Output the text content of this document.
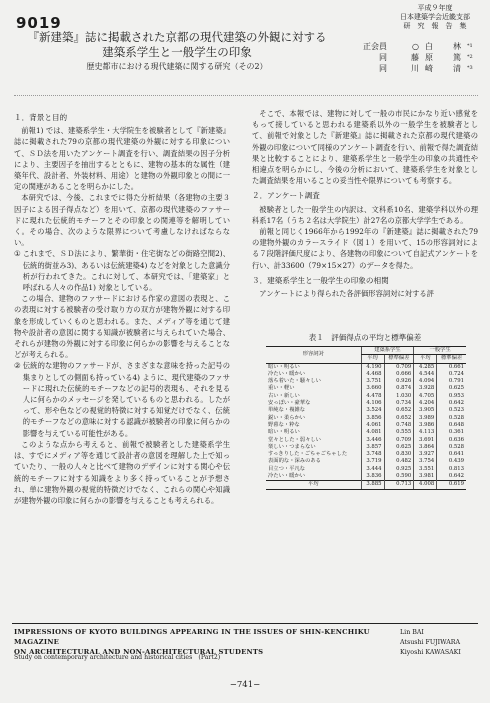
9019
平成９年度
日本建築学会近畿支部
研　究　報　告　集
『新建築』誌に掲載された京都の現代建築の外観に対する
建築系学生と一般学生の印象
歴史都市における現代建築に関する研究（その2）
正会員	○白　林 *1
同	藤原　篤 *2
同	川崎　清 *3
１．背景と目的

前報1) では、建築系学生・大学院生を被験者として『新建築』誌に掲載された79の京都の現代建築の外観に対する印象について、ＳＤ法を用いたアンケート調査を行い、調査結果の因子分析により、主要因子を抽出するとともに、建物の基本的な属性（建築年代、設計者、外装材料、用途）と建物の外観印象との間に一定の関連があることを明らかにした。

本研究では、今後、これまでに得た分析結果（各建物の主要３因子による因子得点など）を用いて、京都の現代建築のファサードに現れた伝統的モチーフとその印象との関連等を解明していく。その場合、次のような限界について考慮しなければならない。

① これまで、ＳＤ法により、繁華街・住宅街などの街路空間2)、伝統的街並み3)、あるいは伝統建築4) などを対象とした意識分析が行われてきた。これに対して、本研究では、「建築家」と呼ばれる人々の作品1) 対象としている。

この場合、建物のファサードにおける作家の意図の表現と、この表現に対する被験者の受け取り方の双方が建物外観に対する印象を形成していくものと思われる。また、メディア等を通じて建物や設計者の意図に関する知識が被験者に与えられていた場合、それらが建物の外観に対する印象に何らかの影響を与えることなどが考えられる。

② 伝統的な建物のファサードが、さまざまな意味を持った記号の集まりとしての側面も持っている4) ように、現代建築のファサードに現れた伝統的モチーフなどの記号的表現も、それを見る人に何らかのメッセージを発しているものと思われる。したがって、形や色などの視覚的特徴に対する知覚だけでなく、伝統的モチーフなどの意味に対する認識が被験者の印象に何らかの影響を与えている可能性がある。

このような点から考えると、前報で被験者とした建築系学生は、すでにメディア等を通じて設計者の意図を理解した上で知っていたり、一般の人々と比べて建物のデザインに対する関心や伝統的モチーフに対する知識をより多く持っていることが予想され、単に建物外観の視覚的特徴だけでなく、これらの関心や知識が建物外観の印象に何らかの影響を与えることも考えられる。

そこで、本報では、建物に対して一般の市民にかなり近い感覚をもって接していると思われる建築系以外の一般学生を被験者として、前報で対象とした『新建築』誌に掲載された京都の現代建築の外観の印象について同様のアンケート調査を行い、前報で得た調査結果と比較することにより、建築系学生と一般学生の印象の共通性や相違点を明らかにし、今後の分析において、建築系学生を対象とした調査結果を用いることの妥当性や限界についても考察する。

２．アンケート調査

被験者とした一般学生の内訳は、文科系10名、建築学科以外の理科系17名（うち２名は大学院生）計27名の京都大学学生である。

前報と同じく1966年から1992年の『新建築』誌に掲載された79の建物外観のカラースライド（図１）を用いて、15の形容詞対による７段階評価尺度により、各建物の印象について自記式アンケートを行い、計33600（79×15×27）のデータを得た。

３．建築系学生と一般学生の印象の相関

アンケートにより得られた各評価形容詞対に対する評

表１　評価得点の平均と標準偏差
形容詞対	建築系学生		一般学生	
	平均	標準偏差	平均	標準偏差
暗い・明るい	4.190	0.709	4.285	0.661
冷たい・暖かい	4.468	0.666	4.544	0.724
落ち着いた・騒々しい	3.751	0.926	4.094	0.791
重い・軽い	3.660	0.874	3.928	0.625
古い・新しい	4.478	1.030	4.705	0.953
安っぽい・豪華な	4.106	0.734	4.204	0.642
単純な・複雑な	3.524	0.652	3.905	0.523
鋭い・柔らかい	3.856	0.652	3.989	0.528
野暮な・粋な	4.061	0.748	3.986	0.648
暗い・明るい	4.081	0.555	4.113	0.361
堂々とした・弱々しい	3.446	0.709	3.691	0.636
楽しい・つまらない	3.857	0.625	3.864	0.528
すっきりした・ごちゃごちゃした	3.748	0.830	3.927	0.641
表面的な・深みのある	3.719	0.482	3.754	0.439
目立つ・平凡な	3.444	0.925	3.551	0.813
冷たい・暖かい	3.836	0.590	3.981	0.642
平均	3.885	0.713	4.008	0.619
IMPRESSIONS OF KYOTO BUILDINGS APPEARING IN THE ISSUES OF SHIN-KENCHIKU MAGAZINE
ON ARCHITECTURAL AND NON-ARCHITECTURAL STUDENTS
Study on contemporary architecture and historical cities　(Part2)
Lin BAI
Atsushi FUJIWARA
Kiyoshi KAWASAKI
−741−
